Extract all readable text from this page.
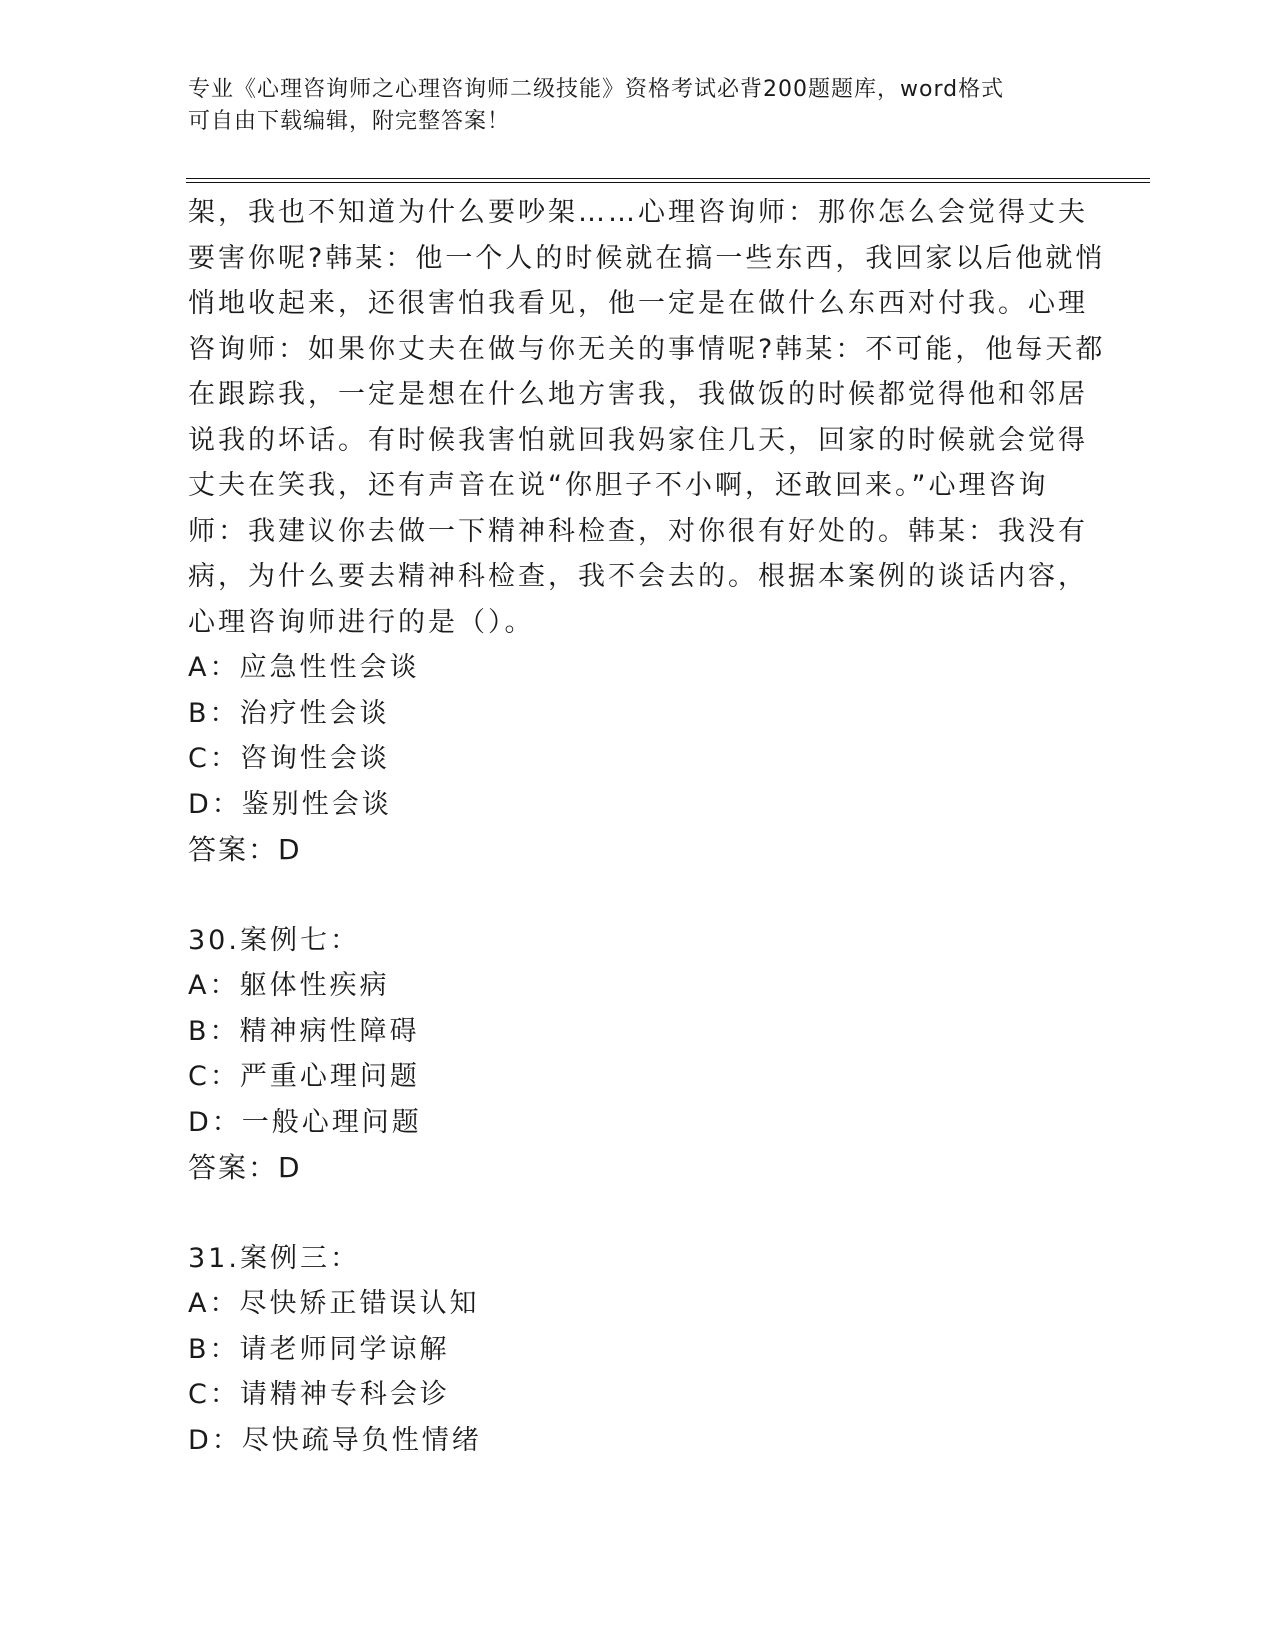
专业《心理咨询师之心理咨询师二级技能》资格考试必背200题题库，word格式
可自由下载编辑，附完整答案！
架，我也不知道为什么要吵架……心理咨询师：那你怎么会觉得丈夫
要害你呢?韩某：他一个人的时候就在搞一些东西，我回家以后他就悄
悄地收起来，还很害怕我看见，他一定是在做什么东西对付我。心理
咨询师：如果你丈夫在做与你无关的事情呢?韩某：不可能，他每天都
在跟踪我，一定是想在什么地方害我，我做饭的时候都觉得他和邻居
说我的坏话。有时候我害怕就回我妈家住几天，回家的时候就会觉得
丈夫在笑我，还有声音在说“你胆子不小啊，还敢回来。”心理咨询
师：我建议你去做一下精神科检查，对你很有好处的。韩某：我没有
病，为什么要去精神科检查，我不会去的。根据本案例的谈话内容，
心理咨询师进行的是（）。
A：应急性性会谈
B：治疗性会谈
C：咨询性会谈
D：鉴别性会谈
答案：D
30.案例七：
A：躯体性疾病
B：精神病性障碍
C：严重心理问题
D：一般心理问题
答案：D
31.案例三：
A：尽快矫正错误认知
B：请老师同学谅解
C：请精神专科会诊
D：尽快疏导负性情绪
